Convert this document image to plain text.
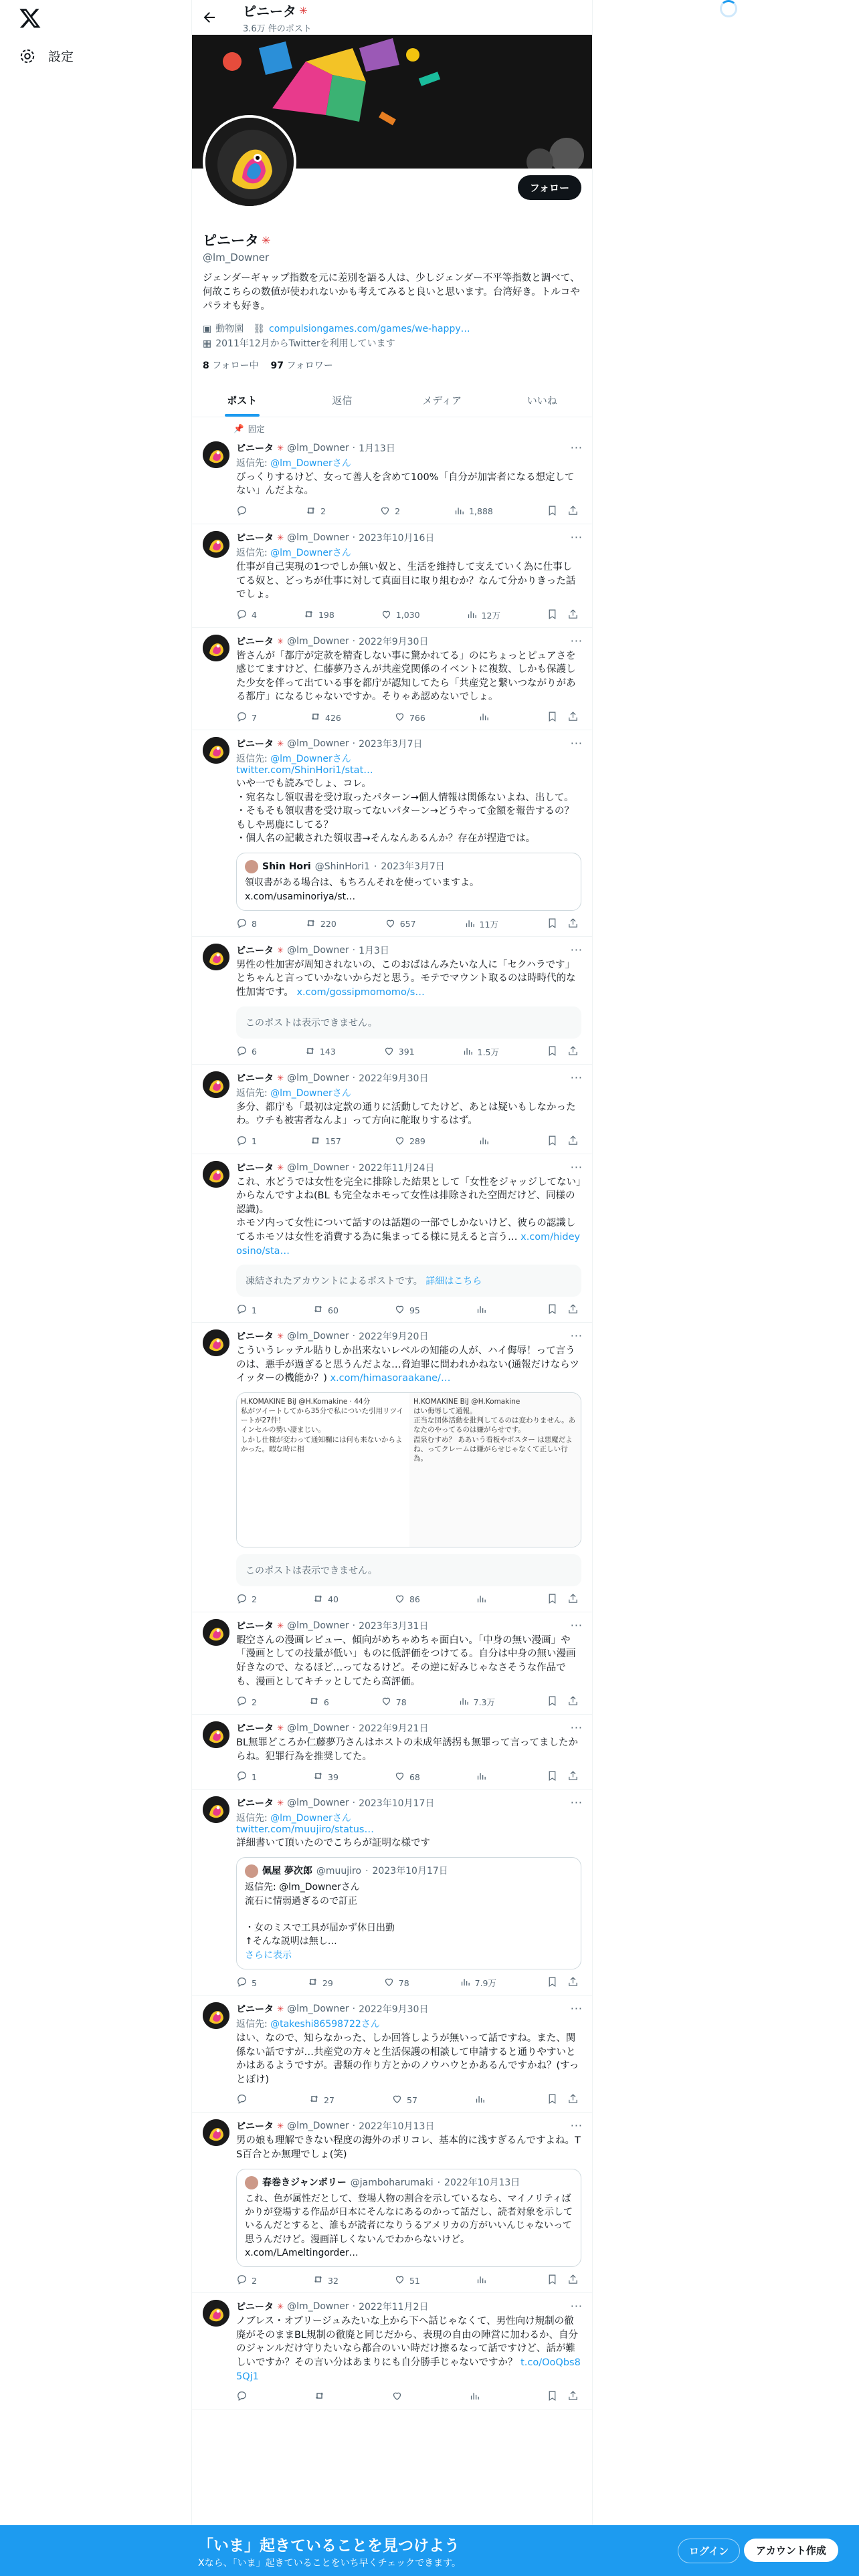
設定
ピニータ ✳
3.6万 件のポスト
フォロー
ピニータ ✳
@lm_Downer
ジェンダーギャップ指数を元に差別を語る人は、少しジェンダー不平等指数と調べて、何故こちらの数値が使われないかも考えてみると良いと思います。台湾好き。トルコやパラオも好き。
▣ 動物園 ⛓ compulsiongames.com/games/we-happy…
▦ 2011年12月からTwitterを利用しています
8 フォロー中 97 フォロワー
ポスト	返信	メディア	いいね
📌 固定
ピニータ ✳ @lm_Downer · 1月13日
返信先: @lm_Downerさん
びっくりするけど、女って善人を含めて100%「自分が加害者になる想定してない」んだよな。
2	2	1,888
···
ピニータ ✳ @lm_Downer · 2023年10月16日
返信先: @lm_Downerさん
仕事が自己実現の1つでしか無い奴と、生活を維持して支えていく為に仕事してる奴と、どっちが仕事に対して真面目に取り組むか？なんて分かりきった話でしょ。
4	198	1,030	12万
···
ピニータ ✳ @lm_Downer · 2022年9月30日
皆さんが「都庁が定款を精査しない事に驚かれてる」のにちょっとピュアさを感じてますけど、仁藤夢乃さんが共産党関係のイベントに複数、しかも保護した少女を伴って出ている事を都庁が認知してたら「共産党と繋いつながりがある都庁」になるじゃないですか。そりゃあ認めないでしょ。
7	426	766
···
ピニータ ✳ @lm_Downer · 2023年3月7日
返信先: @lm_Downerさん
twitter.com/ShinHori1/stat…
いや一でも読みでしょ、コレ。
・宛名なし領収書を受け取ったパターン→個人情報は関係ないよね、出して。
・そもそも領収書を受け取ってないパターン→どうやって金額を報告するの？もしや馬鹿にしてる？
・個人名の記載された領収書→そんなんあるんか？存在が捏造では。
Shin Hori @ShinHori1 · 2023年3月7日
領収書がある場合は、もちろんそれを使っていますよ。
x.com/usaminoriya/st…
8	220	657	11万
···
ピニータ ✳ @lm_Downer · 1月3日
男性の性加害が周知されないの、このおばはんみたいな人に「セクハラです」とちゃんと言っていかないからだと思う。モテでマウント取るのは時時代的な性加害です。 x.com/gossipmomomo/s…
このポストは表示できません。
6	143	391	1.5万
···
ピニータ ✳ @lm_Downer · 2022年9月30日
返信先: @lm_Downerさん
多分、都庁も「最初は定款の通りに活動してたけど、あとは疑いもしなかったわ。ウチも被害者なんよ」って方向に舵取りするはず。
1	157	289
···
ピニータ ✳ @lm_Downer · 2022年11月24日
これ、水どうでは女性を完全に排除した結果として「女性をジャッジしてない」からなんですよね(BL も完全なホモって女性は排除された空間だけど、同様の認識)。
ホモソ内って女性について話すのは話題の一部でしかないけど、彼らの認識してるホモソは女性を消費する為に集まってる様に見えると言う… x.com/hideyosino/sta…
凍結されたアカウントによるポストです。 詳細はこちら
1	60	95
···
ピニータ ✳ @lm_Downer · 2022年9月20日
こういうレッテル貼りしか出来ないレベルの知能の人が、ハイ侮辱！って言うのは、悪手が過ぎると思うんだよな…脅迫罪に問われかねない(通報だけならツイッターの機能か？) x.com/himasoraakane/…
H.KOMAKINE BiJ @H.Komakine · 44分
私がツイートしてから35分で私についた引用リツイートが27件！
インセルの勢い凄まじい。
しかし仕様が変わって通知欄には何も来ないからよかった。暇な時に相
H.KOMAKINE BiJ @H.Komakine
はい侮辱して通報。
正当な団体活動を批判してるのは変わりません。あなたのやってるのは嫌がらせです。
温泉むすめ？ ああいう看板やポスター は悪魔だよね、ってクレームは嫌がらせじゃなくて正しい行為。
このポストは表示できません。
2	40	86
···
ピニータ ✳ @lm_Downer · 2023年3月31日
暇空さんの漫画レビュー、傾向がめちゃめちゃ面白い。「中身の無い漫画」や「漫画としての技量が低い」ものに低評価をつけてる。自分は中身の無い漫画好きなので、なるほど…ってなるけど。その逆に好みじゃなさそうな作品でも、漫画としてキチッとしてたら高評価。
2	6	78	7.3万
···
ピニータ ✳ @lm_Downer · 2022年9月21日
BL無罪どころか仁藤夢乃さんはホストの未成年誘拐も無罪って言ってましたからね。犯罪行為を推奨してた。
1	39	68
···
ピニータ ✳ @lm_Downer · 2023年10月17日
返信先: @lm_Downerさん
twitter.com/muujiro/status…
詳細書いて頂いたのでこちらが証明な様です
佩屋 夢次郎 @muujiro · 2023年10月17日
返信先: @lm_Downerさん
流石に情弱過ぎるので訂正

・女のミスで工具が届かず休日出勤
↑そんな説明は無し…
さらに表示
5	29	78	7.9万
···
ピニータ ✳ @lm_Downer · 2022年9月30日
返信先: @takeshi86598722さん
はい、なので、知らなかった、しか回答しようが無いって話ですね。また、関係ない話ですが…共産党の方々と生活保護の相談して申請すると通りやすいとかはあるようですが。書類の作り方とかのノウハウとかあるんですかね？(すっとぼけ)
27	57
···
ピニータ ✳ @lm_Downer · 2022年10月13日
男の娘も理解できない程度の海外のポリコレ、基本的に浅すぎるんですよね。TS百合とか無理でしょ(笑)
春巻きジャンボリー @jamboharumaki · 2022年10月13日
これ、色が属性だとして、登場人物の割合を示しているなら、マイノリティばかりが登場する作品が日本にそんなにあるのかって話だし、読者対象を示しているんだとすると、誰もが読者になりうるアメリカの方がいいんじゃないって思うんだけど。漫画詳しくないんでわからないけど。
x.com/LAmeltingorder…
2	32	51
···
ピニータ ✳ @lm_Downer · 2022年11月2日
ノブレス・オブリージュみたいな上から下へ話じゃなくて、男性向け規制の徹廃がそのままBL規制の徹廃と同じだから、表現の自由の陣営に加わるか、自分のジャンルだけ守りたいなら都合のいい時だけ擦るなって話ですけど、話が難しいですか？その言い分はあまりにも自分勝手じゃないですか？ t.co/OoQbs85Qj1
···
「いま」起きていることを見つけよう
Xなら、「いま」起きていることをいち早くチェックできます。
ログイン	アカウント作成
